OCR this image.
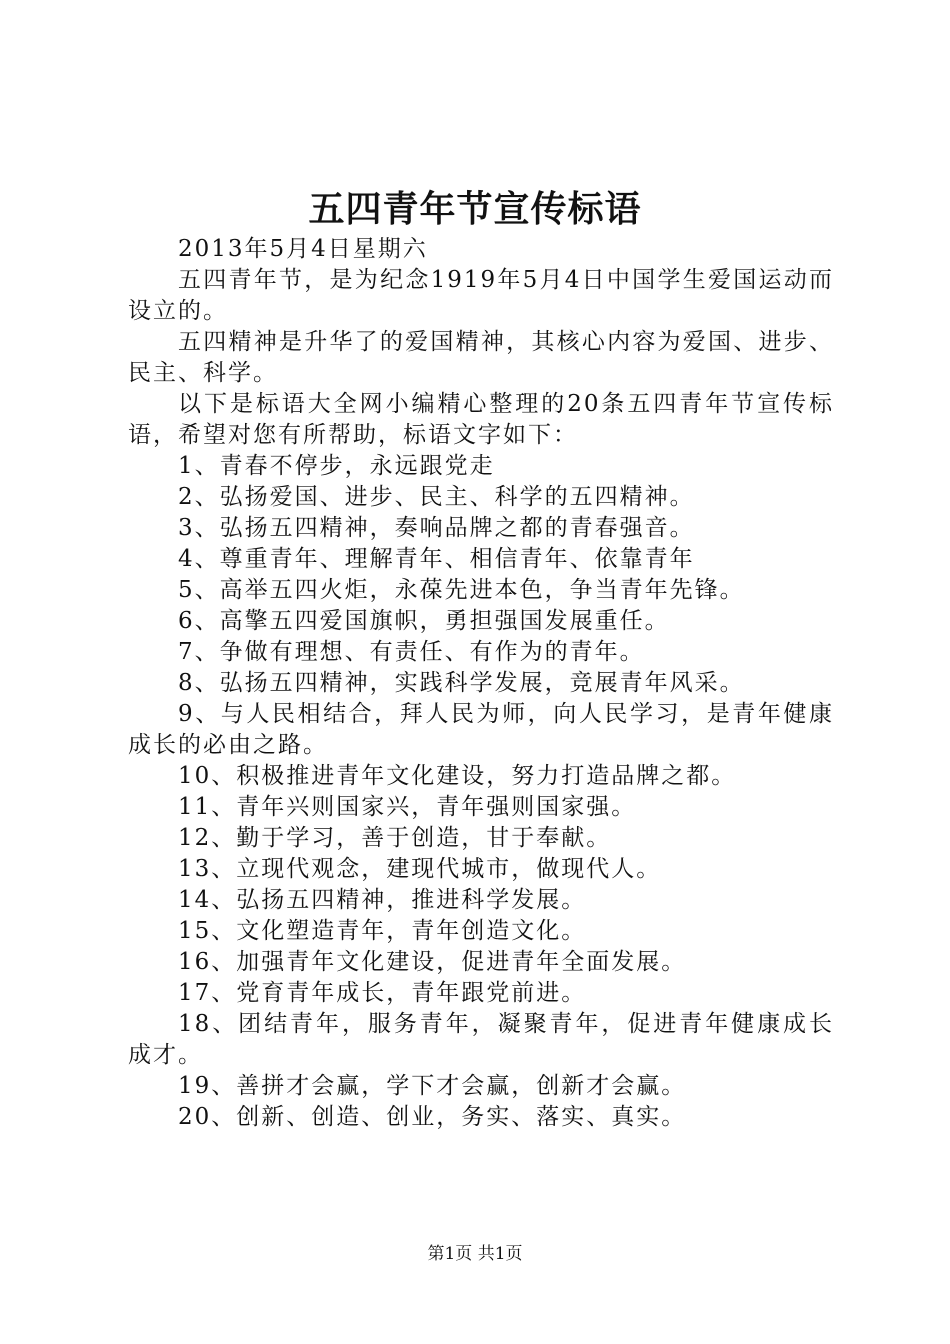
五四青年节宣传标语

2013年5月4日星期六

五四青年节，是为纪念1919年5月4日中国学生爱国运动而设立的。

五四精神是升华了的爱国精神，其核心内容为爱国、进步、民主、科学。

以下是标语大全网小编精心整理的20条五四青年节宣传标语，希望对您有所帮助，标语文字如下：

1、青春不停步，永远跟党走

2、弘扬爱国、进步、民主、科学的五四精神。

3、弘扬五四精神，奏响品牌之都的青春强音。

4、尊重青年、理解青年、相信青年、依靠青年

5、高举五四火炬，永葆先进本色，争当青年先锋。

6、高擎五四爱国旗帜，勇担强国发展重任。

7、争做有理想、有责任、有作为的青年。

8、弘扬五四精神，实践科学发展，竞展青年风采。

9、与人民相结合，拜人民为师，向人民学习，是青年健康成长的必由之路。

10、积极推进青年文化建设，努力打造品牌之都。

11、青年兴则国家兴，青年强则国家强。

12、勤于学习，善于创造，甘于奉献。

13、立现代观念，建现代城市，做现代人。

14、弘扬五四精神，推进科学发展。

15、文化塑造青年，青年创造文化。

16、加强青年文化建设，促进青年全面发展。

17、党育青年成长，青年跟党前进。

18、团结青年，服务青年，凝聚青年，促进青年健康成长成才。

19、善拼才会赢，学下才会赢，创新才会赢。

20、创新、创造、创业，务实、落实、真实。

第1页 共1页
